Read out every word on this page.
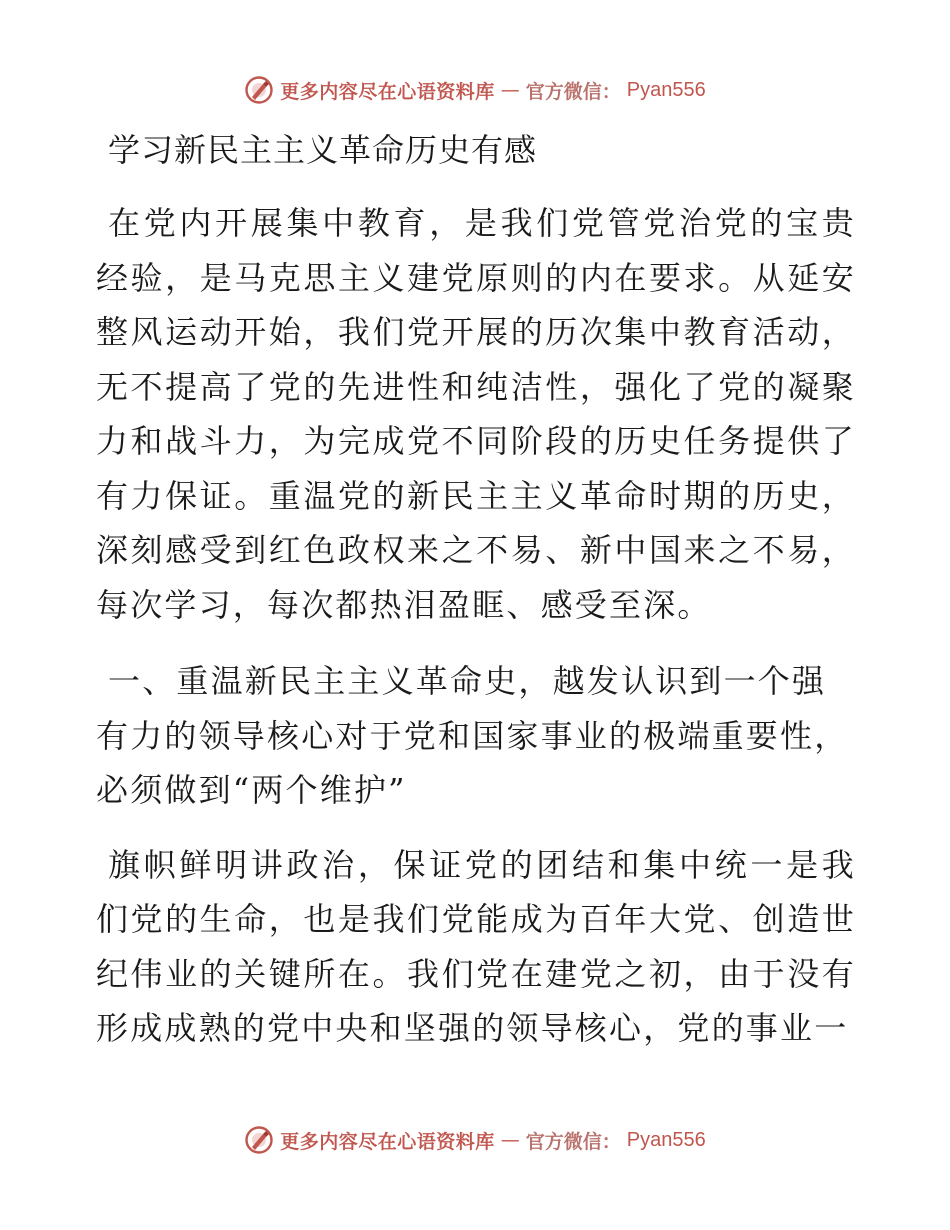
更多内容尽在心语资料库 — 官方微信： Pyan556
学习新民主主义革命历史有感

在党内开展集中教育，是我们党管党治党的宝贵经验，是马克思主义建党原则的内在要求。从延安整风运动开始，我们党开展的历次集中教育活动，无不提高了党的先进性和纯洁性，强化了党的凝聚力和战斗力，为完成党不同阶段的历史任务提供了有力保证。重温党的新民主主义革命时期的历史，深刻感受到红色政权来之不易、新中国来之不易，每次学习，每次都热泪盈眶、感受至深。

一、重温新民主主义革命史，越发认识到一个强有力的领导核心对于党和国家事业的极端重要性，必须做到“两个维护”

旗帜鲜明讲政治，保证党的团结和集中统一是我们党的生命，也是我们党能成为百年大党、创造世纪伟业的关键所在。我们党在建党之初，由于没有形成成熟的党中央和坚强的领导核心，党的事业一

更多内容尽在心语资料库 — 官方微信： Pyan556
